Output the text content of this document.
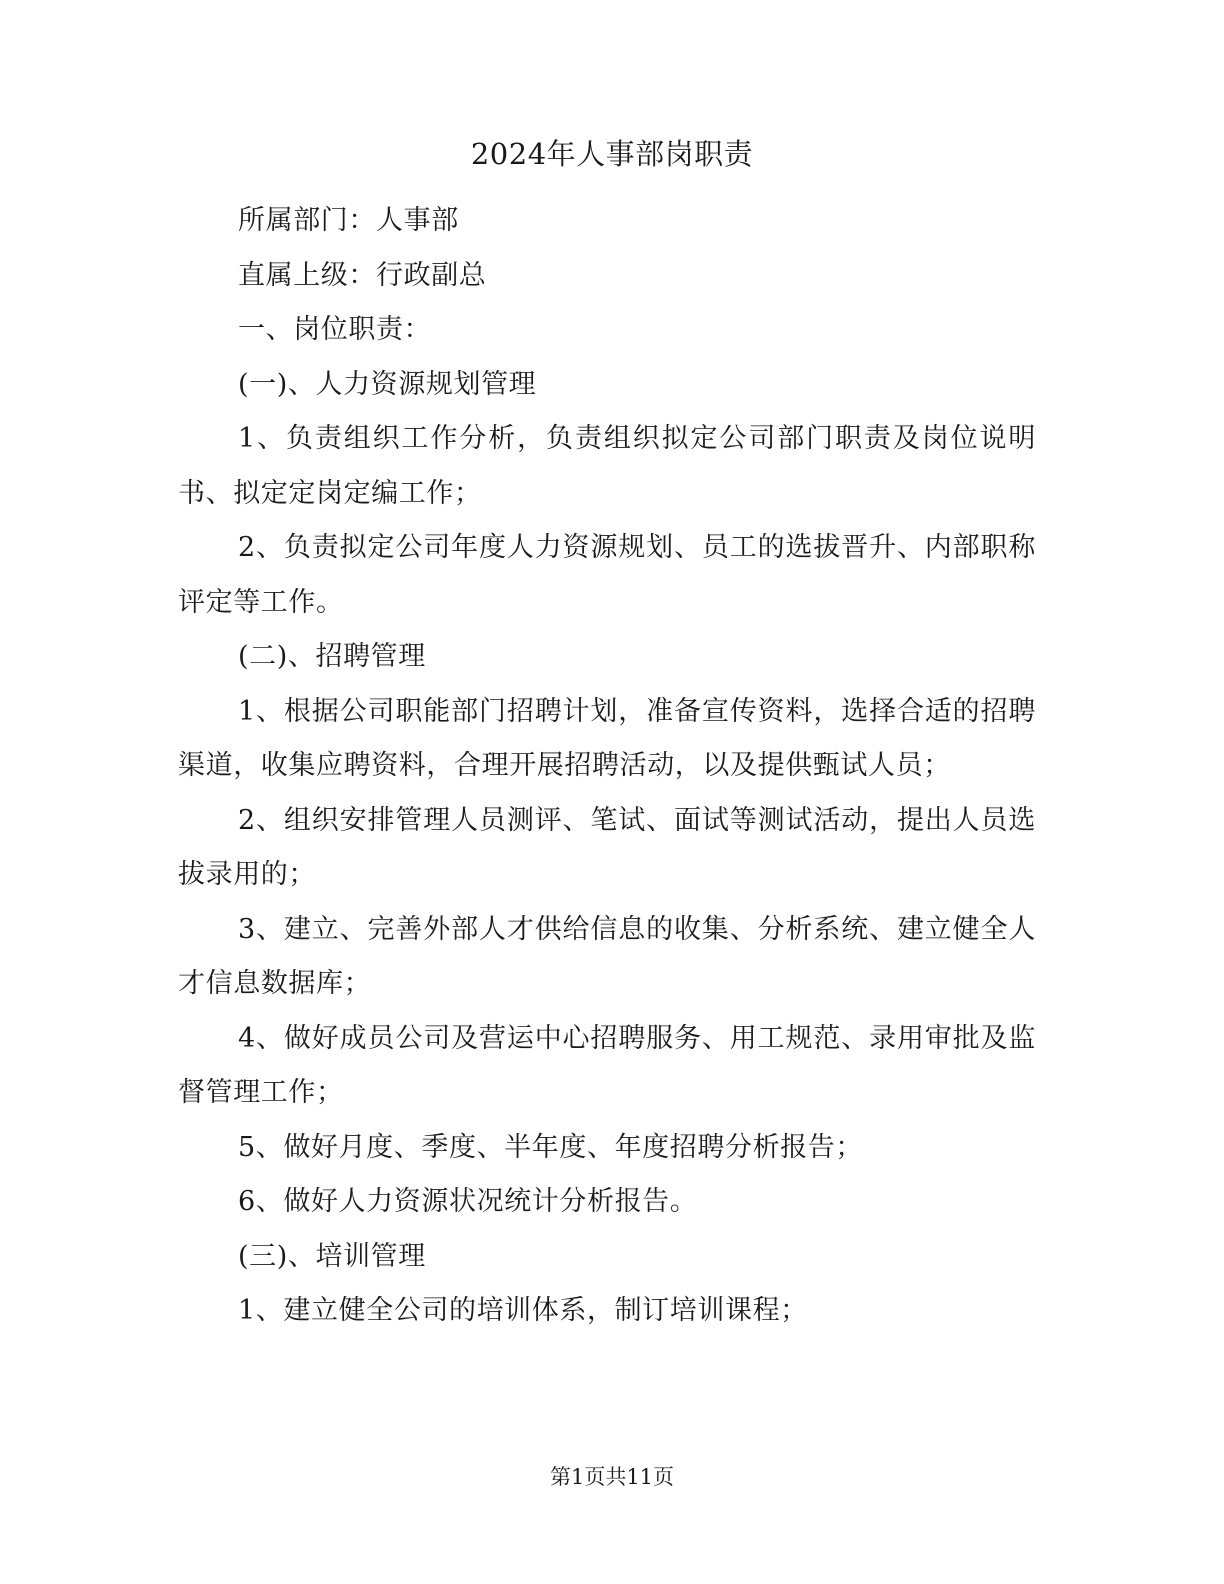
2024年人事部岗职责

所属部门：人事部

直属上级：行政副总

一、岗位职责：

(一)、人力资源规划管理

1、负责组织工作分析，负责组织拟定公司部门职责及岗位说明书、拟定定岗定编工作；

2、负责拟定公司年度人力资源规划、员工的选拔晋升、内部职称评定等工作。

(二)、招聘管理

1、根据公司职能部门招聘计划，准备宣传资料，选择合适的招聘渠道，收集应聘资料，合理开展招聘活动，以及提供甄试人员；

2、组织安排管理人员测评、笔试、面试等测试活动，提出人员选拔录用的；

3、建立、完善外部人才供给信息的收集、分析系统、建立健全人才信息数据库；

4、做好成员公司及营运中心招聘服务、用工规范、录用审批及监督管理工作；

5、做好月度、季度、半年度、年度招聘分析报告；

6、做好人力资源状况统计分析报告。

(三)、培训管理

1、建立健全公司的培训体系，制订培训课程；

第1页共11页
